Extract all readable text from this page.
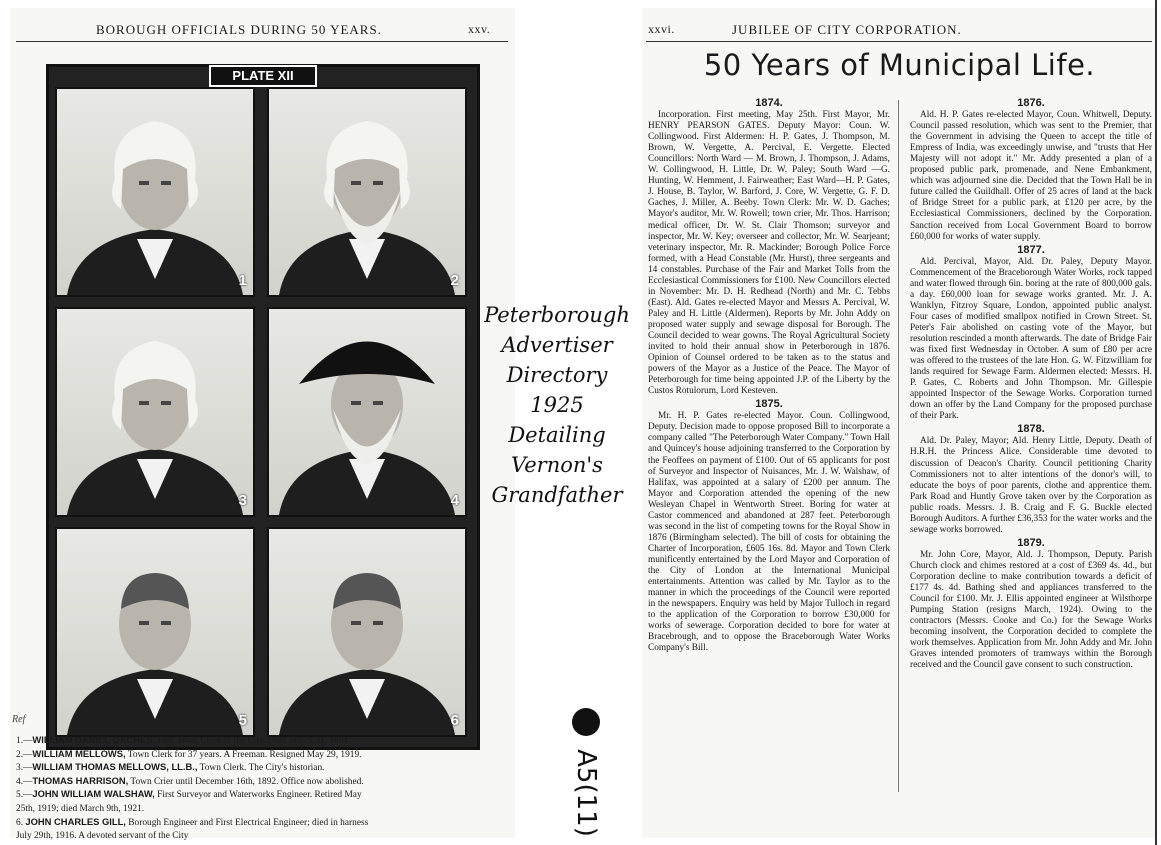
BOROUGH OFFICIALS DURING 50 YEARS.	xxv.
PLATE XII
1	2
3	4
5	6
1.—WILLIAM DANIEL GACHES, First Town Clerk of the City. Died March 31, 1884.
2.—WILLIAM MELLOWS, Town Clerk for 37 years. A Freeman. Resigned May 29, 1919.
3.—WILLIAM THOMAS MELLOWS, LL.B., Town Clerk. The City's historian.
4.—THOMAS HARRISON, Town Crier until December 16th, 1892. Office now abolished.
5.—JOHN WILLIAM WALSHAW, First Surveyor and Waterworks Engineer. Retired May
25th, 1919; died March 9th, 1921.
6. JOHN CHARLES GILL, Borough Engineer and First Electrical Engineer; died in harness
July 29th, 1916. A devoted servant of the City
Ref
Peterborough
Advertiser
Directory
1925
Detailing
Vernon's
Grandfather
A5(11)
xxvi.	JUBILEE OF CITY CORPORATION.
50 Years of Municipal Life.
1874.

Incorporation. First meeting, May 25th. First Mayor, Mr. HENRY PEARSON GATES. Deputy Mayor: Coun. W. Collingwood. First Aldermen: H. P. Gates, J. Thompson, M. Brown, W. Vergette, A. Percival, E. Vergette. Elected Councillors: North Ward — M. Brown, J. Thompson, J. Adams, W. Collingwood, H. Little, Dr. W. Paley; South Ward —G. Hunting, W. Hemment, J. Fairweather; East Ward—H. P. Gates, J. House, B. Taylor, W. Barford, J. Core, W. Vergette, G. F. D. Gaches, J. Miller, A. Beeby. Town Clerk: Mr. W. D. Gaches; Mayor's auditor, Mr. W. Rowell; town crier, Mr. Thos. Harrison; medical officer, Dr. W. St. Clair Thomson; surveyor and inspector, Mr. W. Key; overseer and collector, Mr. W. Searjeant; veterinary inspector, Mr. R. Mackinder; Borough Police Force formed, with a Head Constable (Mr. Hurst), three sergeants and 14 constables. Purchase of the Fair and Market Tolls from the Ecclesiastical Commissioners for £100. New Councillors elected in November: Mr. D. H. Redhead (North) and Mr. C. Tebbs (East). Ald. Gates re-elected Mayor and Messrs A. Percival, W. Paley and H. Little (Aldermen). Reports by Mr. John Addy on proposed water supply and sewage disposal for Borough. The Council decided to wear gowns. The Royal Agricultural Society invited to hold their annual show in Peterborough in 1876. Opinion of Counsel ordered to be taken as to the status and powers of the Mayor as a Justice of the Peace. The Mayor of Peterborough for time being appointed J.P. of the Liberty by the Custos Rotulorum, Lord Kesteven.

1875.

Mr. H. P. Gates re-elected Mayor. Coun. Collingwood, Deputy. Decision made to oppose proposed Bill to incorporate a company called "The Peterborough Water Company." Town Hall and Quincey's house adjoining transferred to the Corporation by the Feoffees on payment of £100. Out of 65 applicants for post of Surveyor and Inspector of Nuisances, Mr. J. W. Walshaw, of Halifax, was appointed at a salary of £200 per annum. The Mayor and Corporation attended the opening of the new Wesleyan Chapel in Wentworth Street. Boring for water at Castor commenced and abandoned at 287 feet. Peterborough was second in the list of competing towns for the Royal Show in 1876 (Birmingham selected). The bill of costs for obtaining the Charter of Incorporation, £605 16s. 8d. Mayor and Town Clerk munificently entertained by the Lord Mayor and Corporation of the City of London at the International Municipal entertainments. Attention was called by Mr. Taylor as to the manner in which the proceedings of the Council were reported in the newspapers. Enquiry was held by Major Tulloch in regard to the application of the Corporation to borrow £30,000 for works of sewerage. Corporation decided to bore for water at Bracebrough, and to oppose the Braceborough Water Works Company's Bill.

1876.

Ald. H. P. Gates re-elected Mayor, Coun. Whitwell, Deputy. Council passed resolution, which was sent to the Premier, that the Government in advising the Queen to accept the title of Empress of India, was exceedingly unwise, and "trusts that Her Majesty will not adopt it." Mr. Addy presented a plan of a proposed public park, promenade, and Nene Embankment, which was adjourned sine die. Decided that the Town Hall be in future called the Guildhall. Offer of 25 acres of land at the back of Bridge Street for a public park, at £120 per acre, by the Ecclesiastical Commissioners, declined by the Corporation. Sanction received from Local Government Board to borrow £60,000 for works of water supply.

1877.

Ald. Percival, Mayor, Ald. Dr. Paley, Deputy Mayor. Commencement of the Braceborough Water Works, rock tapped and water flowed through 6in. boring at the rate of 800,000 gals. a day. £60,000 loan for sewage works granted. Mr. J. A. Wanklyn, Fitzroy Square, London, appointed public analyst. Four cases of modified smallpox notified in Crown Street. St. Peter's Fair abolished on casting vote of the Mayor, but resolution rescinded a month afterwards. The date of Bridge Fair was fixed first Wednesday in October. A sum of £80 per acre was offered to the trustees of the late Hon. G. W. Fitzwilliam for lands required for Sewage Farm. Aldermen elected: Messrs. H. P. Gates, C. Roberts and John Thompson. Mr. Gillespie appointed Inspector of the Sewage Works. Corporation turned down an offer by the Land Company for the proposed purchase of their Park.

1878.

Ald. Dr. Paley, Mayor; Ald. Henry Little, Deputy. Death of H.R.H. the Princess Alice. Considerable time devoted to discussion of Deacon's Charity. Council petitioning Charity Commissioners not to alter intentions of the donor's will, to educate the boys of poor parents, clothe and apprentice them. Park Road and Huntly Grove taken over by the Corporation as public roads. Messrs. J. B. Craig and F. G. Buckle elected Borough Auditors. A further £36,353 for the water works and the sewage works borrowed.

1879.

Mr. John Core, Mayor, Ald. J. Thompson, Deputy. Parish Church clock and chimes restored at a cost of £369 4s. 4d., but Corporation decline to make contribution towards a deficit of £177 4s. 4d. Bathing shed and appliances transferred to the Council for £100. Mr. J. Ellis appointed engineer at Wilsthorpe Pumping Station (resigns March, 1924). Owing to the contractors (Messrs. Cooke and Co.) for the Sewage Works becoming insolvent, the Corporation decided to complete the work themselves. Application from Mr. John Addy and Mr. John Graves intended promoters of tramways within the Borough received and the Council gave consent to such construction.
